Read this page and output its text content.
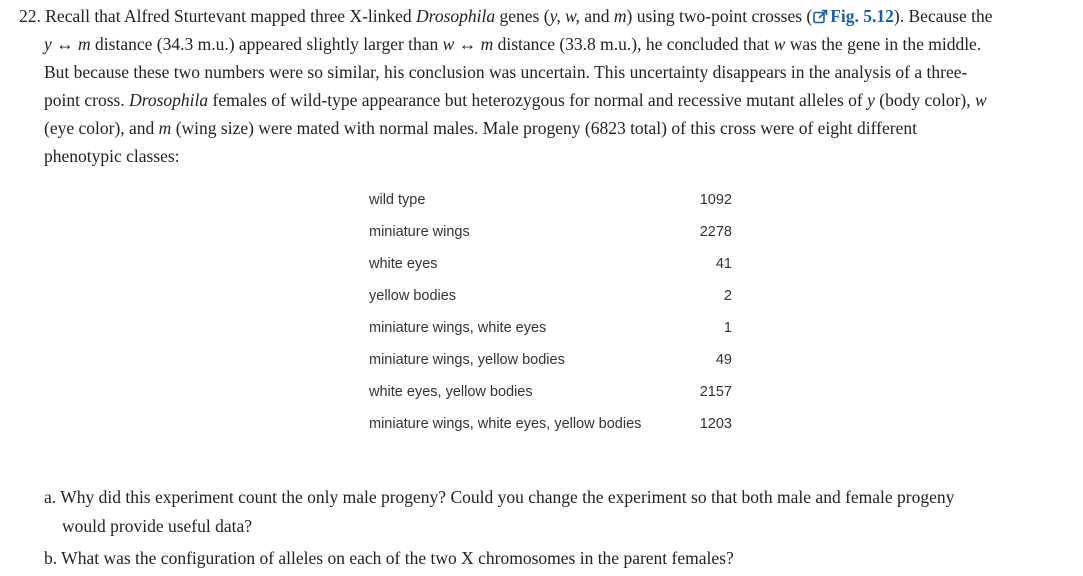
22. Recall that Alfred Sturtevant mapped three X-linked Drosophila genes (y, w, and m) using two-point crosses ( Fig. 5.12). Because the
y ↔ m distance (34.3 m.u.) appeared slightly larger than w ↔ m distance (33.8 m.u.), he concluded that w was the gene in the middle.
But because these two numbers were so similar, his conclusion was uncertain. This uncertainty disappears in the analysis of a three-
point cross. Drosophila females of wild-type appearance but heterozygous for normal and recessive mutant alleles of y (body color), w
(eye color), and m (wing size) were mated with normal males. Male progeny (6823 total) of this cross were of eight different
phenotypic classes:
wild type	1092
miniature wings	2278
white eyes	41
yellow bodies	2
miniature wings, white eyes	1
miniature wings, yellow bodies	49
white eyes, yellow bodies	2157
miniature wings, white eyes, yellow bodies	1203
a. Why did this experiment count the only male progeny? Could you change the experiment so that both male and female progeny
would provide useful data?
b. What was the configuration of alleles on each of the two X chromosomes in the parent females?
